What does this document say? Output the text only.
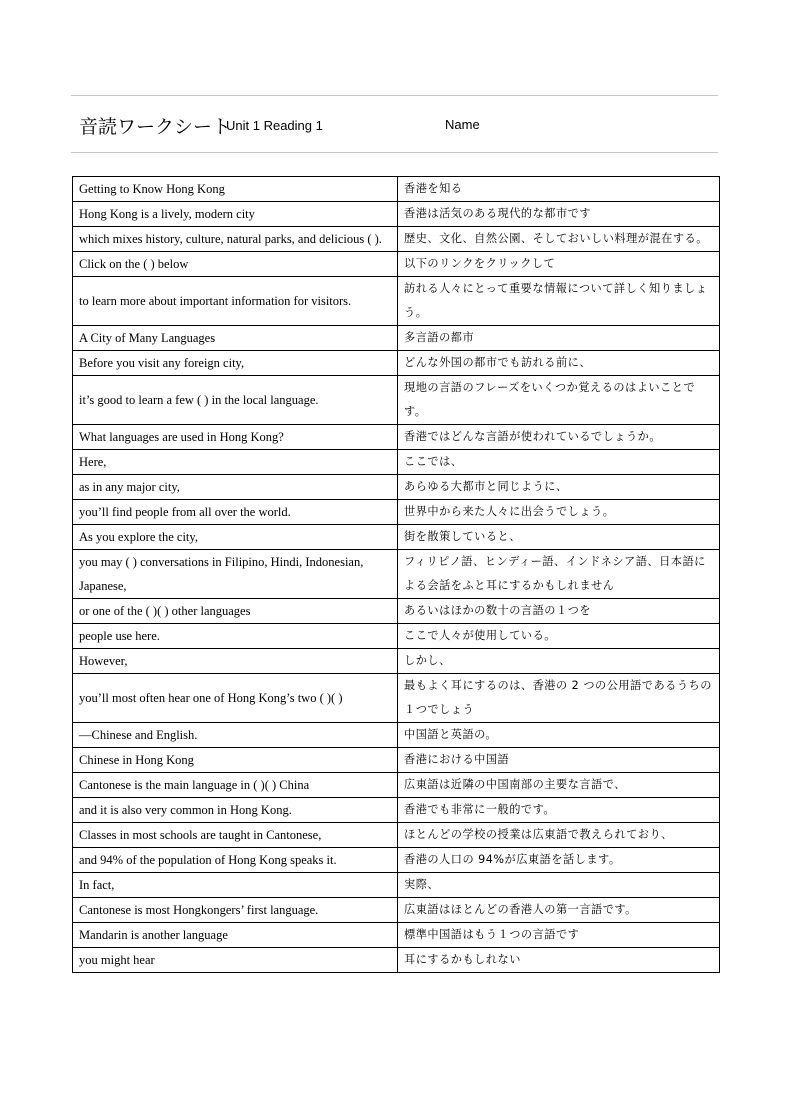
音読ワークシート
Unit 1 Reading 1	Name
Getting to Know Hong Kong	香港を知る
Hong Kong is a lively, modern city	香港は活気のある現代的な都市です
which mixes history, culture, natural parks, and delicious ( ).	歴史、文化、自然公園、そしておいしい料理が混在する。
Click on the ( ) below	以下のリンクをクリックして
to learn more about important information for visitors.	訪れる人々にとって重要な情報について詳しく知りましょう。
A City of Many Languages	多言語の都市
Before you visit any foreign city,	どんな外国の都市でも訪れる前に、
it’s good to learn a few ( ) in the local language.	現地の言語のフレーズをいくつか覚えるのはよいことです。
What languages are used in Hong Kong?	香港ではどんな言語が使われているでしょうか。
Here,	ここでは、
as in any major city,	あらゆる大都市と同じように、
you’ll find people from all over the world.	世界中から来た人々に出会うでしょう。
As you explore the city,	街を散策していると、
you may ( ) conversations in Filipino, Hindi, Indonesian, Japanese,	フィリピノ語、ヒンディー語、インドネシア語、日本語による会話をふと耳にするかもしれません
or one of the ( )( ) other languages	あるいはほかの数十の言語の１つを
people use here.	ここで人々が使用している。
However,	しかし、
you’ll most often hear one of Hong Kong’s two ( )( )	最もよく耳にするのは、香港の 2 つの公用語であるうちの１つでしょう
—Chinese and English.	中国語と英語の。
Chinese in Hong Kong	香港における中国語
Cantonese is the main language in ( )( ) China	広東語は近隣の中国南部の主要な言語で、
and it is also very common in Hong Kong.	香港でも非常に一般的です。
Classes in most schools are taught in Cantonese,	ほとんどの学校の授業は広東語で教えられており、
and 94% of the population of Hong Kong speaks it.	香港の人口の 94%が広東語を話します。
In fact,	実際、
Cantonese is most Hongkongers’ first language.	広東語はほとんどの香港人の第一言語です。
Mandarin is another language	標準中国語はもう１つの言語です
you might hear	耳にするかもしれない
